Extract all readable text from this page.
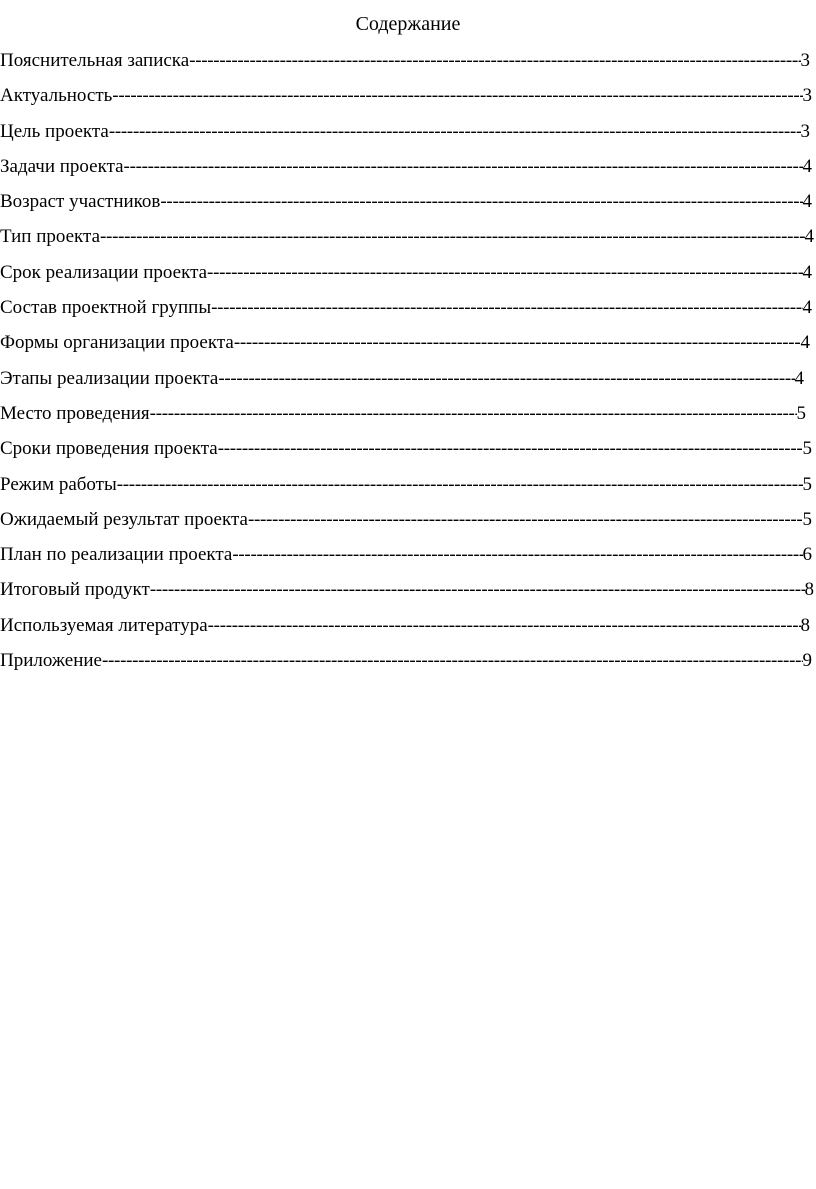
Содержание
Пояснительная записка -----	3
Актуальность -----	3
Цель проекта -----	3
Задачи проекта -----	4
Возраст участников -----	4
Тип проекта -----	4
Срок реализации проекта -----	4
Состав проектной группы -----	4
Формы организации проекта -----	4
Этапы реализации проекта -----	4
Место проведения -----	5
Сроки проведения проекта -----	5
Режим работы -----	5
Ожидаемый результат проекта -----	5
План по реализации проекта -----	6
Итоговый продукт -----	8
Используемая литература -----	8
Приложение -----	9
